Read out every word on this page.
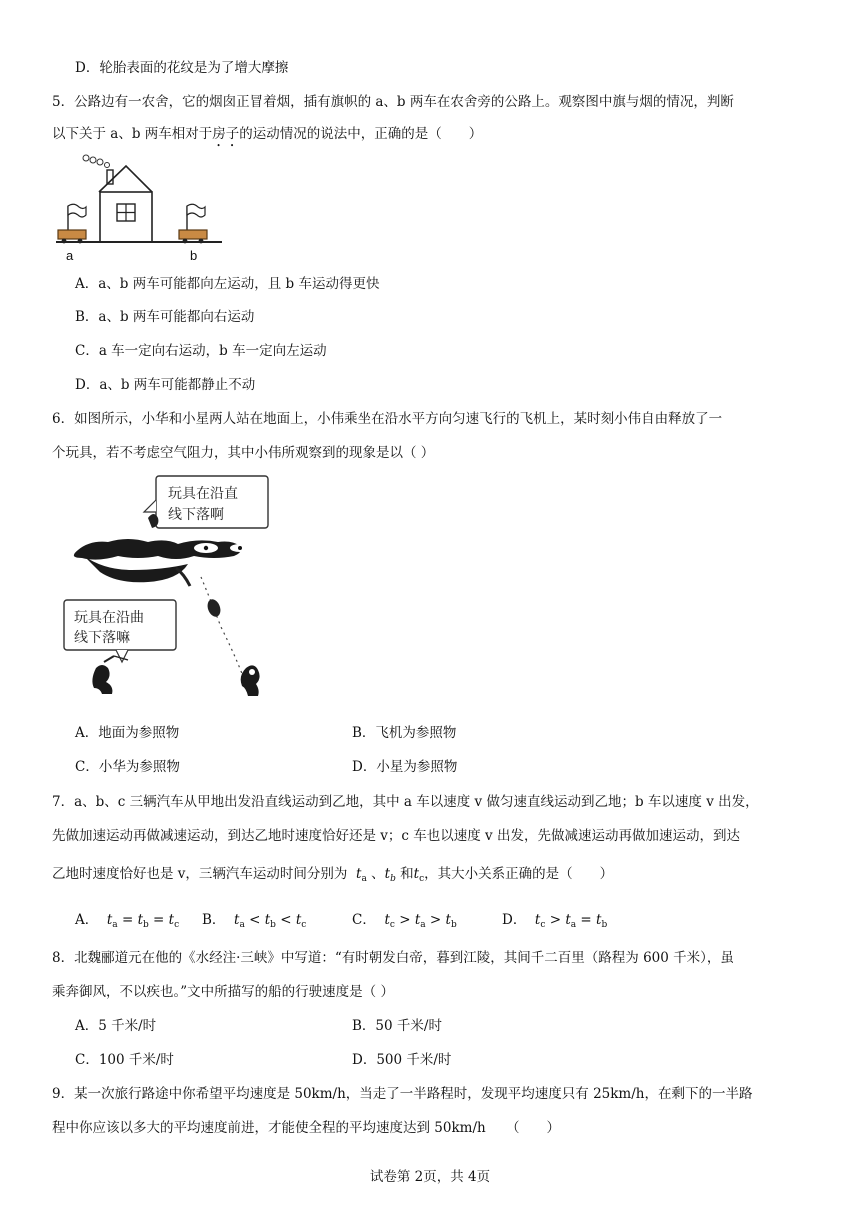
D．轮胎表面的花纹是为了增大摩擦
5．公路边有一农舍，它的烟囱正冒着烟，插有旗帜的 a、b 两车在农舍旁的公路上。观察图中旗与烟的情况，判断
以下关于 a、b 两车相对于房子的运动情况的说法中，正确的是（　　）
a	b
A．a、b 两车可能都向左运动，且 b 车运动得更快
B．a、b 两车可能都向右运动
C．a 车一定向右运动，b 车一定向左运动
D．a、b 两车可能都静止不动
6．如图所示，小华和小星两人站在地面上，小伟乘坐在沿水平方向匀速飞行的飞机上，某时刻小伟自由释放了一
个玩具，若不考虑空气阻力，其中小伟所观察到的现象是以（ ）
玩具在沿直
线下落啊
玩具在沿曲
线下落嘛
A．地面为参照物	B．飞机为参照物
C．小华为参照物	D．小星为参照物
7．a、b、c 三辆汽车从甲地出发沿直线运动到乙地，其中 a 车以速度 v 做匀速直线运动到乙地；b 车以速度 v 出发，
先做加速运动再做减速运动，到达乙地时速度恰好还是 v；c 车也以速度 v 出发，先做减速运动再做加速运动，到达
乙地时速度恰好也是 v，三辆汽车运动时间分别为 $t_a$ 、$t_b$ 和$t_c$，其大小关系正确的是（　　）
A． $t_a = t_b = t_c$ B． $t_a < t_b < t_c$	C． $t_c > t_a > t_b$	D． $t_c > t_a = t_b$
8．北魏郦道元在他的《水经注·三峡》中写道：“有时朝发白帝，暮到江陵，其间千二百里（路程为 600 千米），虽
乘奔御风，不以疾也。”文中所描写的船的行驶速度是（ ）
A．5 千米/时	B．50 千米/时
C．100 千米/时	D．500 千米/时
9．某一次旅行路途中你希望平均速度是 50km/h，当走了一半路程时，发现平均速度只有 25km/h，在剩下的一半路
程中你应该以多大的平均速度前进，才能使全程的平均速度达到 50km/h　　（　　）
试卷第 2页，共 4页
